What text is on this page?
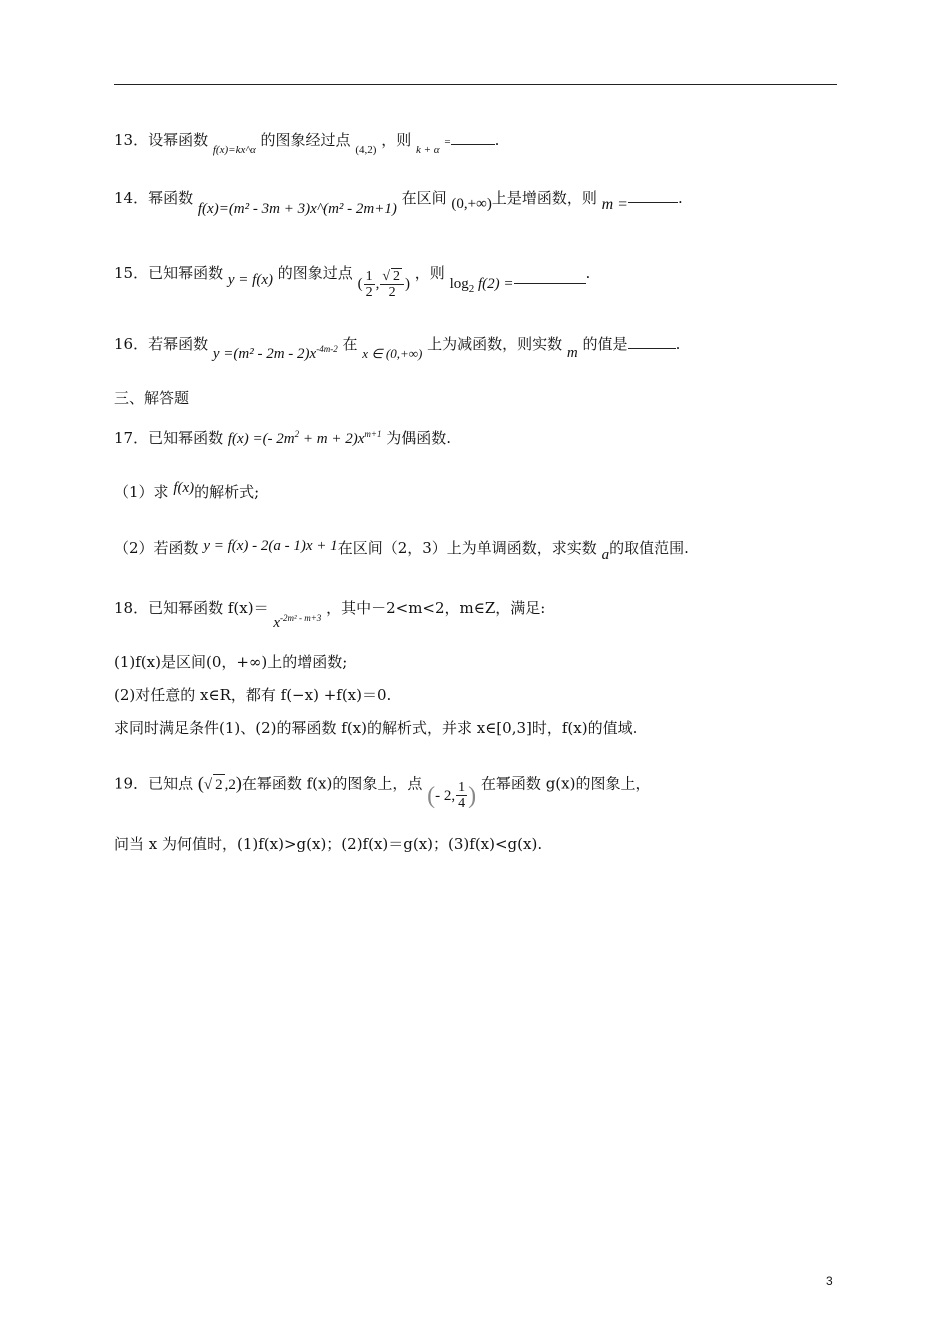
13．设幂函数 $_{f(x)=kx\^{}\alpha}$ 的图象经过点 $_{(4,2)}$ ，则 $_{k + \alpha}$ =	.
14．幂函数 f(x)=(m² - 3m + 3)x^(m² - 2m+1) 在区间 (0,+∞)上是增函数，则 m =	.
15．已知幂函数 y = f(x) 的图象过点
( $\frac{1}{2}$ , $\frac{√ 2}{2}$ )
，则 $\log_2 f(2)$ =.
16．若幂函数 $y =(m^2 - 2m - 2)x^{-4m-2}$ 在 x ∈ (0,+∞) 上为减函数，则实数 m 的值是	.
三、解答题
17．已知幂函数 f(x) =(- $2m^2 + m + 2)x^{m+1}$ 为偶函数.
（1）求 f(x)的解析式;
（2）若函数 y = f(x) - 2(a - 1)x + 1在区间（2，3）上为单调函数，求实数 a的取值范围.
18．已知幂函数 $f(x)= x^{-2m^2 - m+3}$ ，其中－2<m<2，m∈Z，满足:
(1)f(x)是区间(0，+∞)上的增函数;
(2)对任意的 x∈R，都有 f(−x) +f(x)＝0.
求同时满足条件(1)、(2)的幂函数 f(x)的解析式，并求 x∈[0,3]时，f(x)的值域.
19．已知点 (√ 2 ,2)在幂函数 f(x)的图象上，点 ( - 2, $\frac{1}{4}$ ) 在幂函数 g(x)的图象上，
问当 x 为何值时，(1)f(x)>g(x)；(2)f(x)＝g(x)；(3)f(x)<g(x).
3
